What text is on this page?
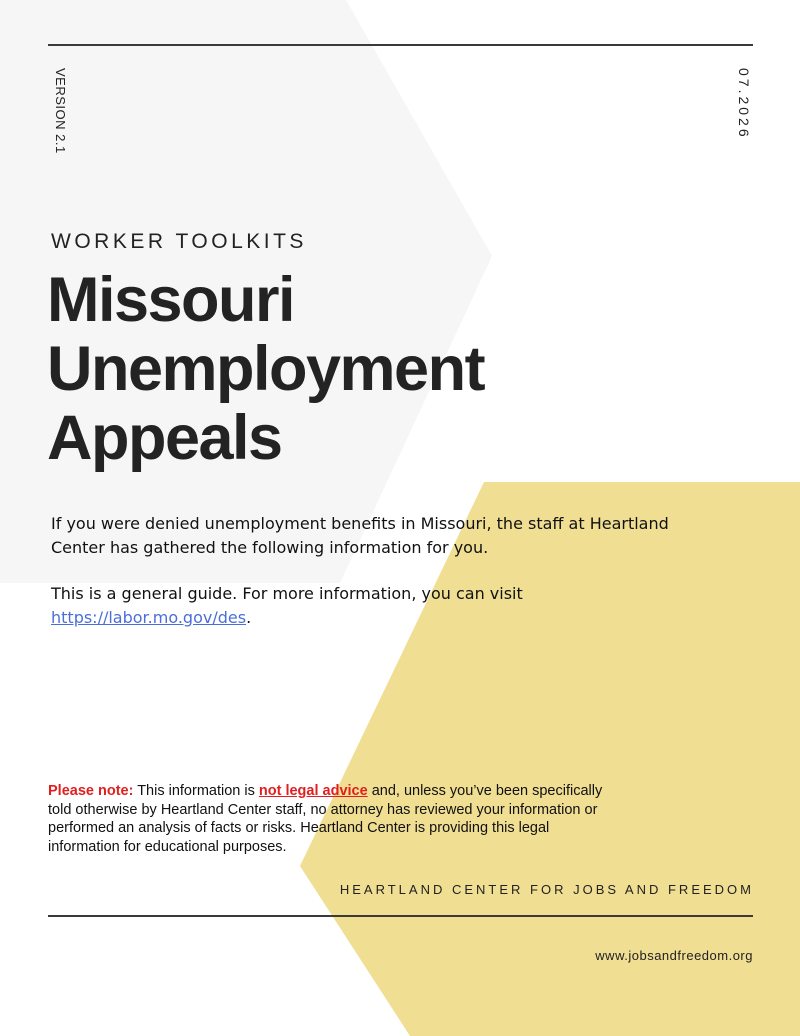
VERSION 2.1	07.2026
WORKER TOOLKITS
Missouri
Unemployment
Appeals

If you were denied unemployment benefits in Missouri, the staff at Heartland Center has gathered the following information for you.

This is a general guide. For more information, you can visit https://labor.mo.gov/des.

Please note: This information is not legal advice and, unless you’ve been specifically told otherwise by Heartland Center staff, no attorney has reviewed your information or performed an analysis of facts or risks. Heartland Center is providing this legal information for educational purposes.
HEARTLAND CENTER FOR JOBS AND FREEDOM
www.jobsandfreedom.org
